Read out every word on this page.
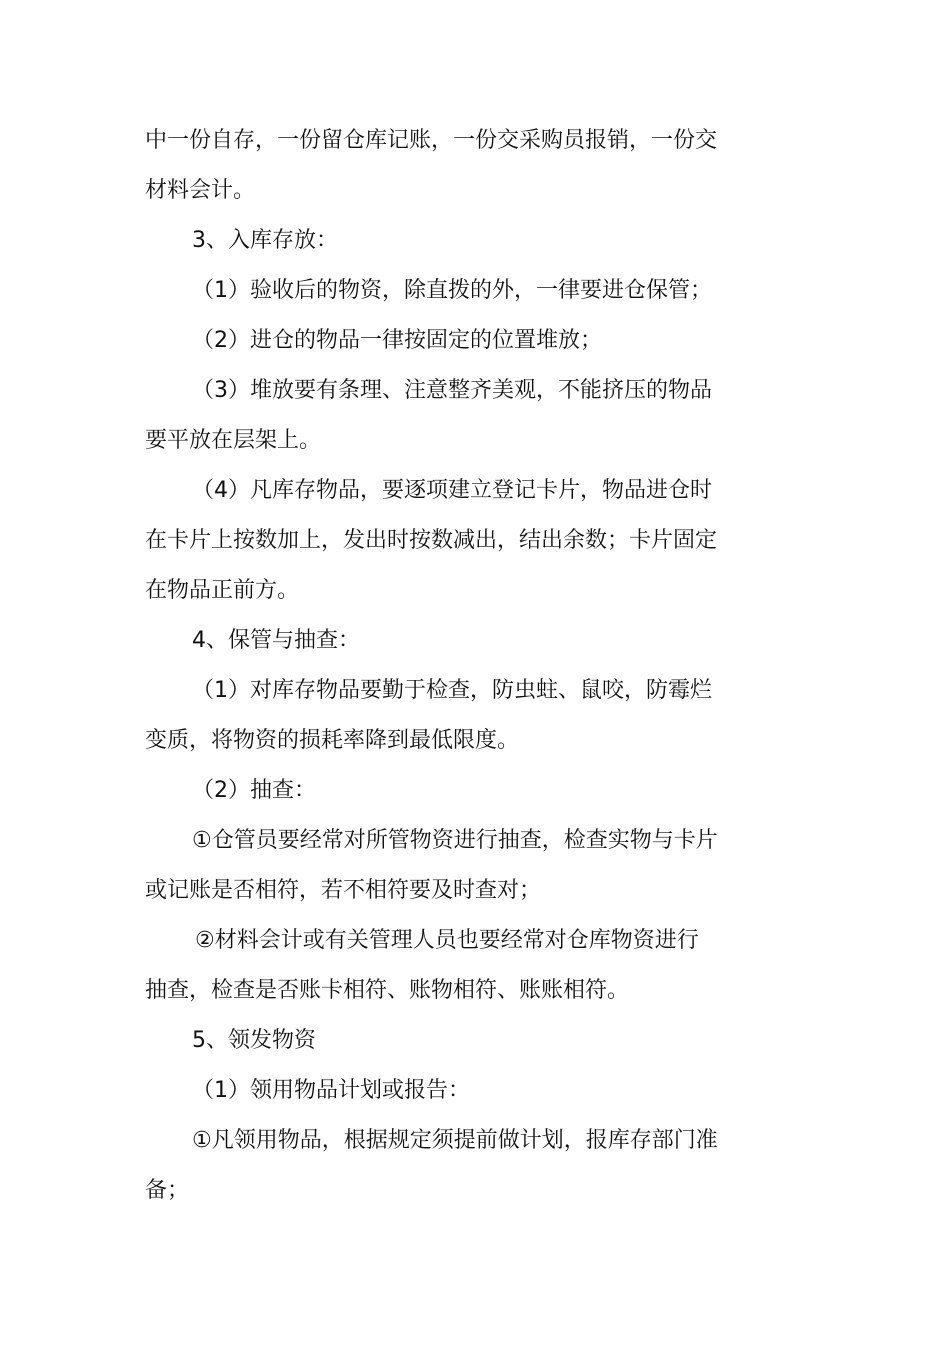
中一份自存，一份留仓库记账，一份交采购员报销，一份交
材料会计。
3、入库存放：
（1）验收后的物资，除直拨的外，一律要进仓保管；
（2）进仓的物品一律按固定的位置堆放；
（3）堆放要有条理、注意整齐美观，不能挤压的物品
要平放在层架上。
（4）凡库存物品，要逐项建立登记卡片，物品进仓时
在卡片上按数加上，发出时按数减出，结出余数；卡片固定
在物品正前方。
4、保管与抽查：
（1）对库存物品要勤于检查，防虫蛀、鼠咬，防霉烂
变质，将物资的损耗率降到最低限度。
（2）抽查：
①仓管员要经常对所管物资进行抽查，检查实物与卡片
或记账是否相符，若不相符要及时查对；
②材料会计或有关管理人员也要经常对仓库物资进行
抽查，检查是否账卡相符、账物相符、账账相符。
5、领发物资
（1）领用物品计划或报告：
①凡领用物品，根据规定须提前做计划，报库存部门准
备；
